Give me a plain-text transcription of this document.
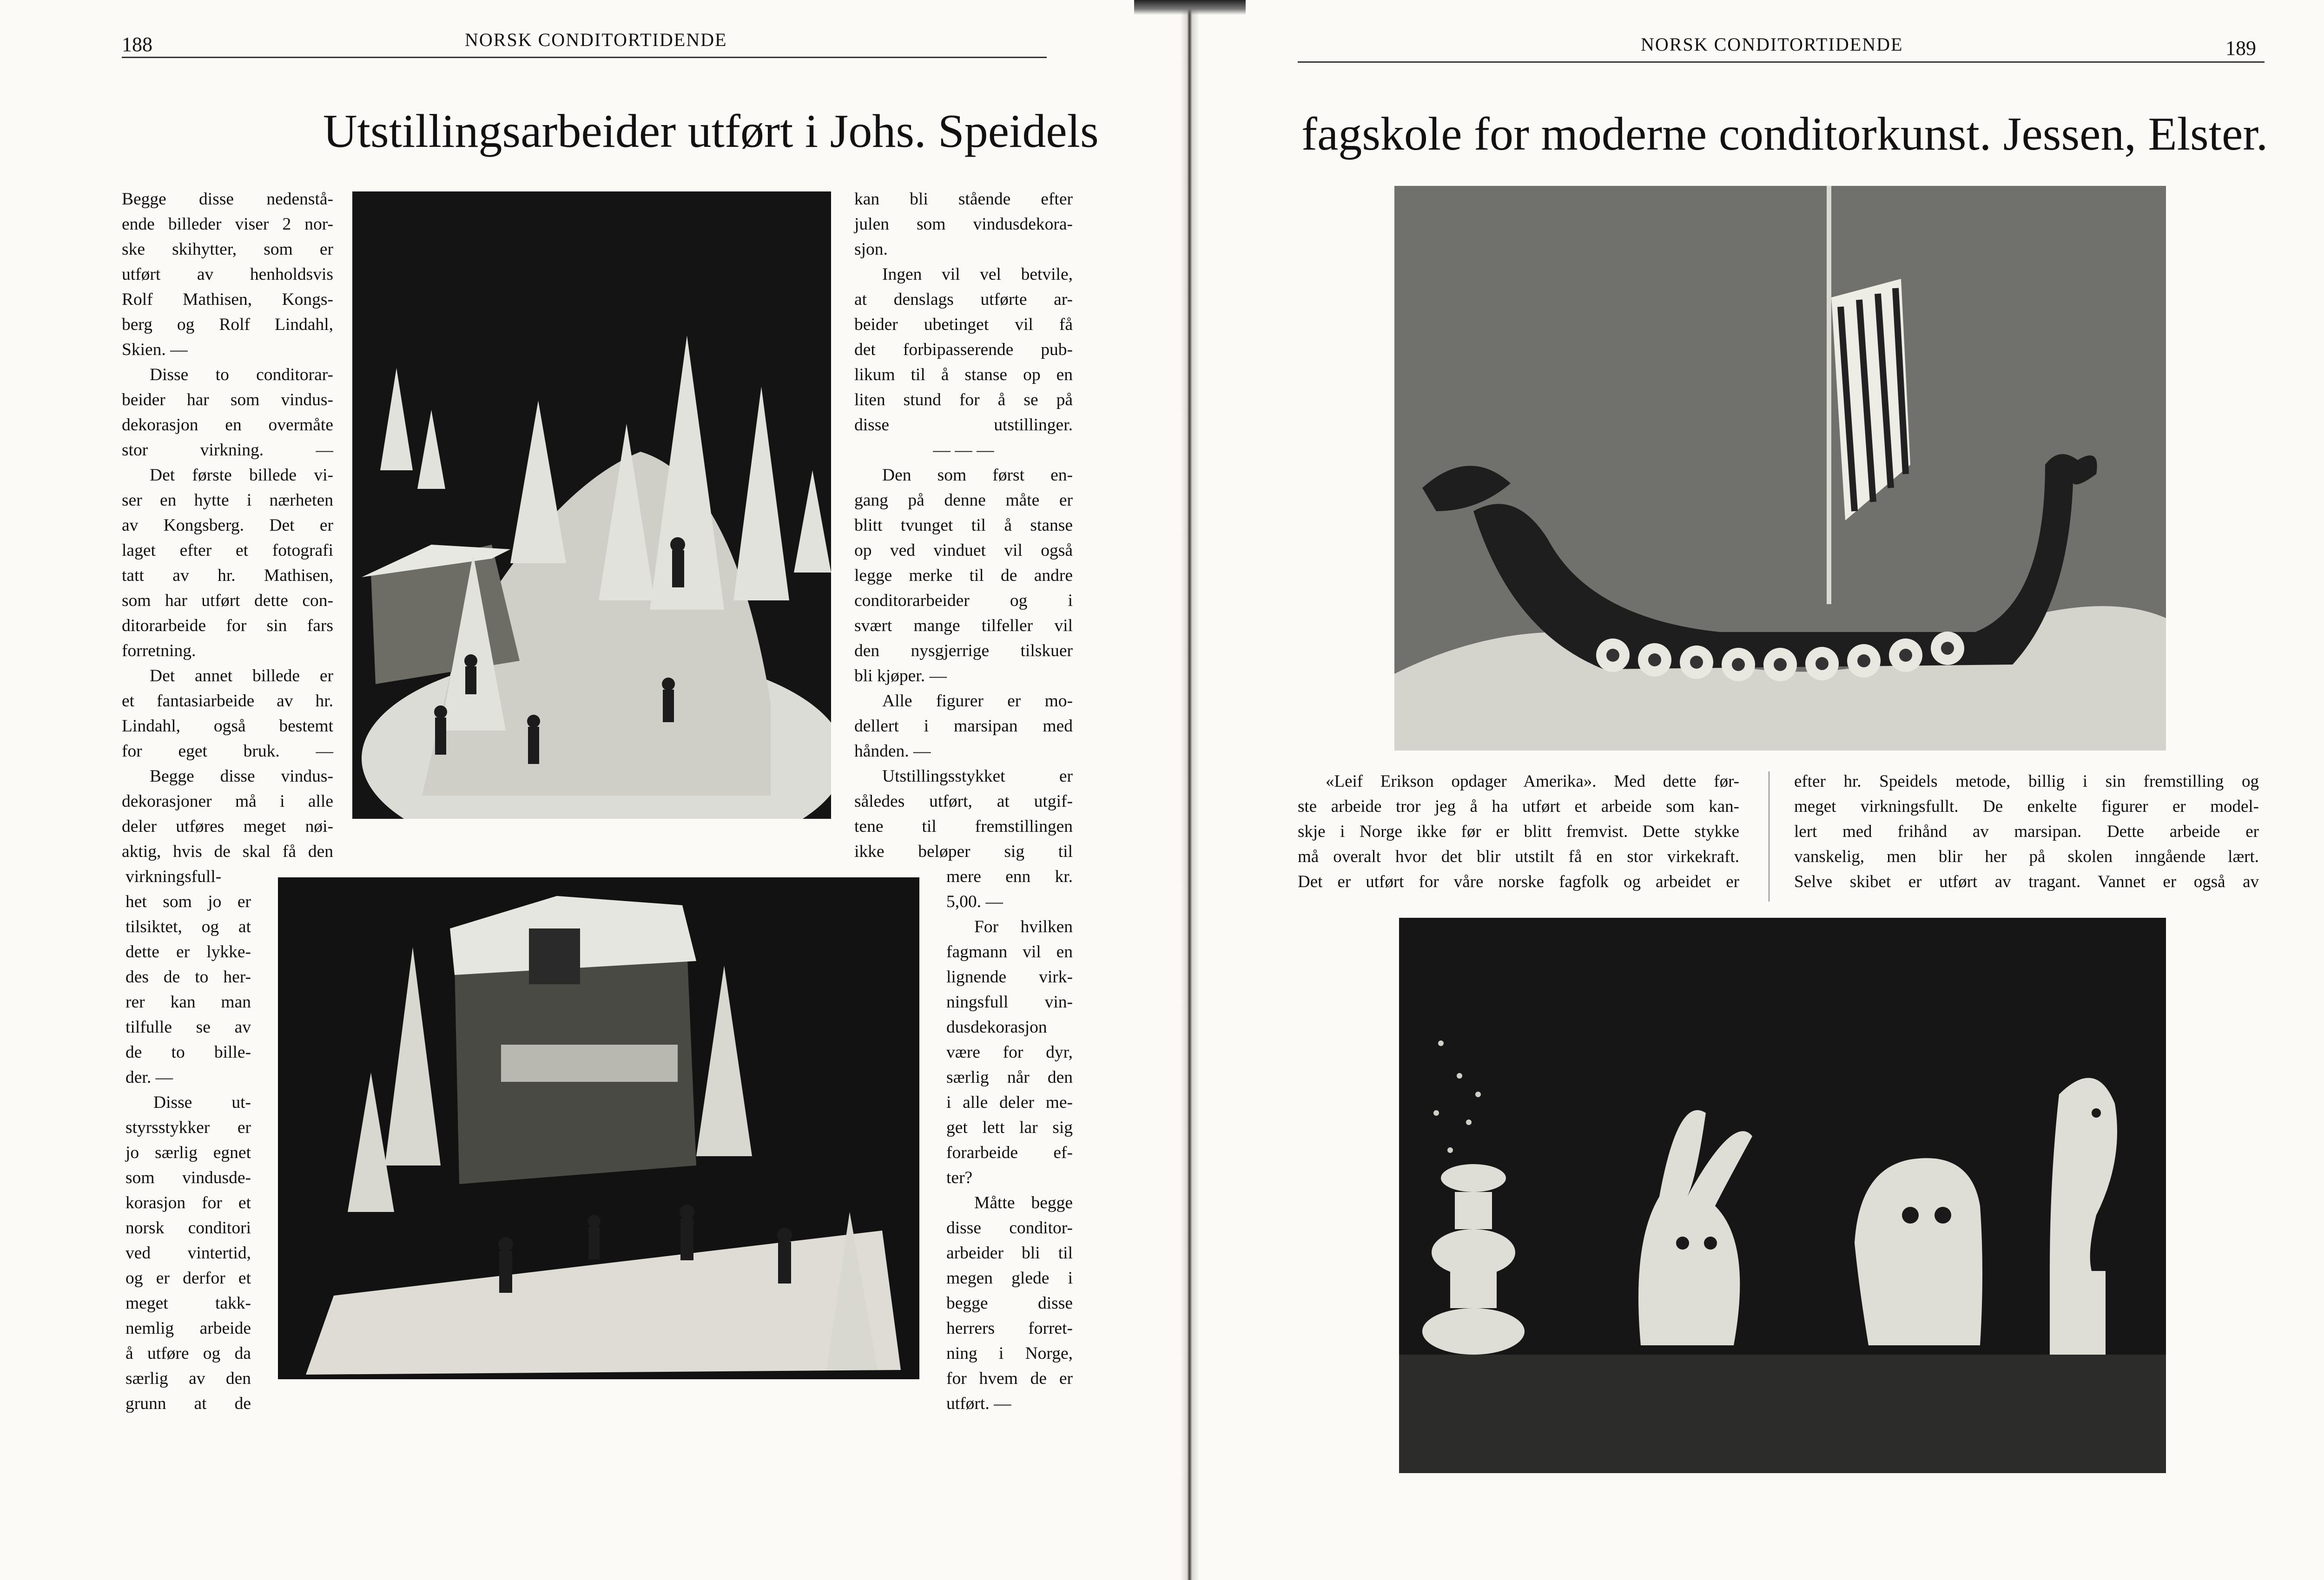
188	NORSK CONDITORTIDENDE
Utstillingsarbeider utført i Johs. Speidels

Begge disse nedenstå-

ende billeder viser 2 nor-

ske skihytter, som er

utført av henholdsvis

Rolf Mathisen, Kongs-

berg og Rolf Lindahl,

Skien. —

Disse to conditorar-

beider har som vindus-

dekorasjon en overmåte

stor virkning. —

Det første billede vi-

ser en hytte i nærheten

av Kongsberg. Det er

laget efter et fotografi

tatt av hr. Mathisen,

som har utført dette con-

ditorarbeide for sin fars

forretning.

Det annet billede er

et fantasiarbeide av hr.

Lindahl, også bestemt

for eget bruk. —

Begge disse vindus-

dekorasjoner må i alle

deler utføres meget nøi-

aktig, hvis de skal få den

virkningsfull-

het som jo er

tilsiktet, og at

dette er lykke-

des de to her-

rer kan man

tilfulle se av

de to bille-

der. —

Disse ut-

styrsstykker er

jo særlig egnet

som vindusde-

korasjon for et

norsk conditori

ved vintertid,

og er derfor et

meget takk-

nemlig arbeide

å utføre og da

særlig av den

grunn at de

kan bli stående efter

julen som vindusdekora-

sjon.

Ingen vil vel betvile,

at denslags utførte ar-

beider ubetinget vil få

det forbipasserende pub-

likum til å stanse op en

liten stund for å se på

disse utstillinger.

— — —

Den som først en-

gang på denne måte er

blitt tvunget til å stanse

op ved vinduet vil også

legge merke til de andre

conditorarbeider og i

svært mange tilfeller vil

den nysgjerrige tilskuer

bli kjøper. —

Alle figurer er mo-

dellert i marsipan med

hånden. —

Utstillingsstykket er

således utført, at utgif-

tene til fremstillingen

ikke beløper sig til

mere enn kr.

5,00. —

For hvilken

fagmann vil en

lignende virk-

ningsfull vin-

dusdekorasjon

være for dyr,

særlig når den

i alle deler me-

get lett lar sig

forarbeide ef-

ter?

Måtte begge

disse conditor-

arbeider bli til

megen glede i

begge disse

herrers forret-

ning i Norge,

for hvem de er

utført. —

NORSK CONDITORTIDENDE	189
fagskole for moderne conditorkunst. Jessen, Elster.

«Leif Erikson opdager Amerika». Med dette før-

ste arbeide tror jeg å ha utført et arbeide som kan-

skje i Norge ikke før er blitt fremvist. Dette stykke

må overalt hvor det blir utstilt få en stor virkekraft.

Det er utført for våre norske fagfolk og arbeidet er

efter hr. Speidels metode, billig i sin fremstilling og

meget virkningsfullt. De enkelte figurer er model-

lert med frihånd av marsipan. Dette arbeide er

vanskelig, men blir her på skolen inngående lært.

Selve skibet er utført av tragant. Vannet er også av
